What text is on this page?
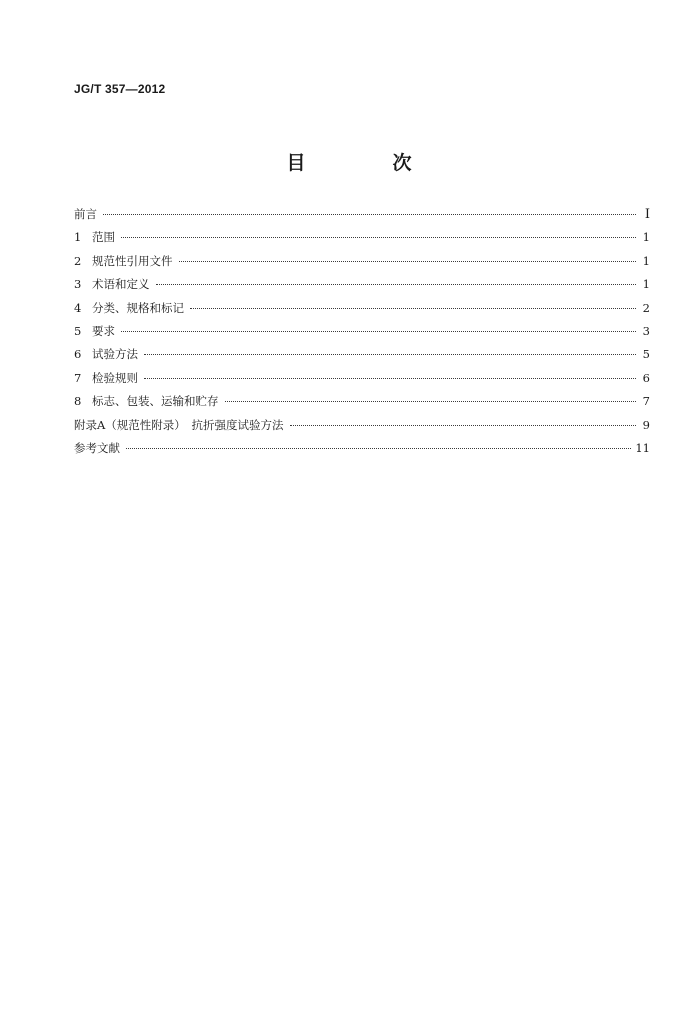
JG/T 357—2012
目　次
前言	I
1 范围	1
2 规范性引用文件	1
3 术语和定义	1
4 分类、规格和标记	2
5 要求	3
6 试验方法	5
7 检验规则	6
8 标志、包装、运输和贮存	7
附录A（规范性附录）　抗折强度试验方法	9
参考文献	11
